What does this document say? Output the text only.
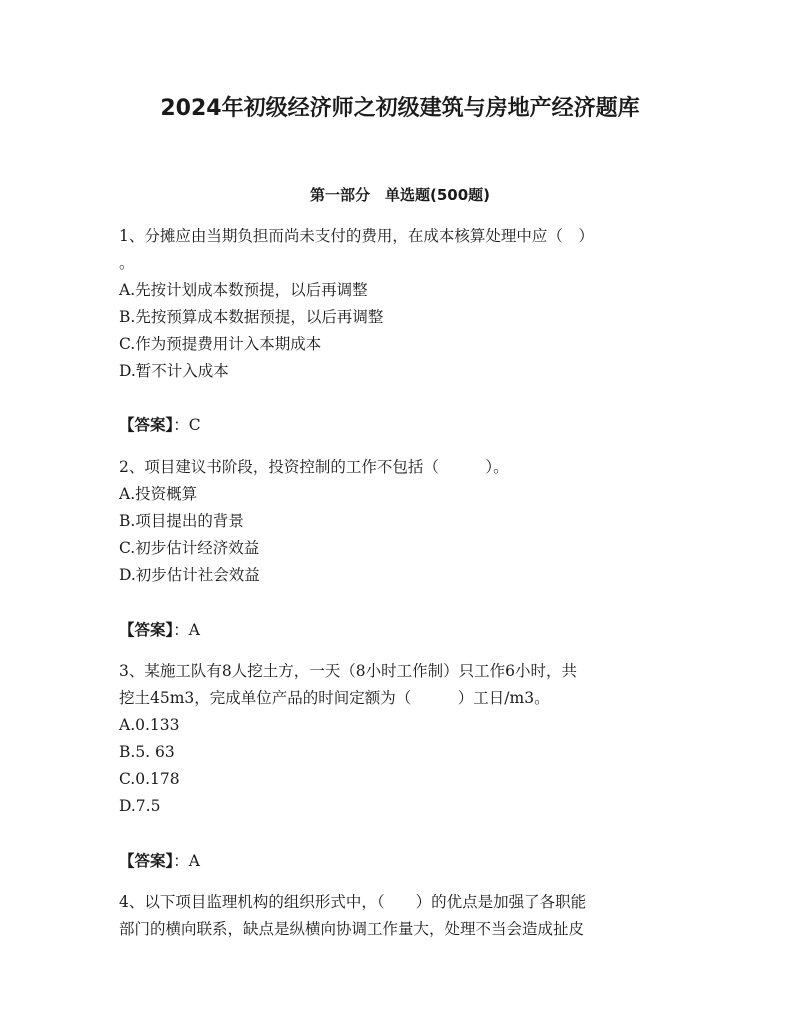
2024年初级经济师之初级建筑与房地产经济题库
第一部分　单选题(500题)

1、分摊应由当期负担而尚未支付的费用，在成本核算处理中应（　）

。

A.先按计划成本数预提，以后再调整

B.先按预算成本数据预提，以后再调整

C.作为预提费用计入本期成本

D.暂不计入成本

【答案】：C

2、项目建议书阶段，投资控制的工作不包括（　　　）。

A.投资概算

B.项目提出的背景

C.初步估计经济效益

D.初步估计社会效益

【答案】：A

3、某施工队有8人挖土方，一天（8小时工作制）只工作6小时，共

挖土45m3，完成单位产品的时间定额为（　　　）工日/m3。

A.0.133

B.5. 63

C.0.178

D.7.5

【答案】：A

4、以下项目监理机构的组织形式中，（　　）的优点是加强了各职能

部门的横向联系，缺点是纵横向协调工作量大，处理不当会造成扯皮
